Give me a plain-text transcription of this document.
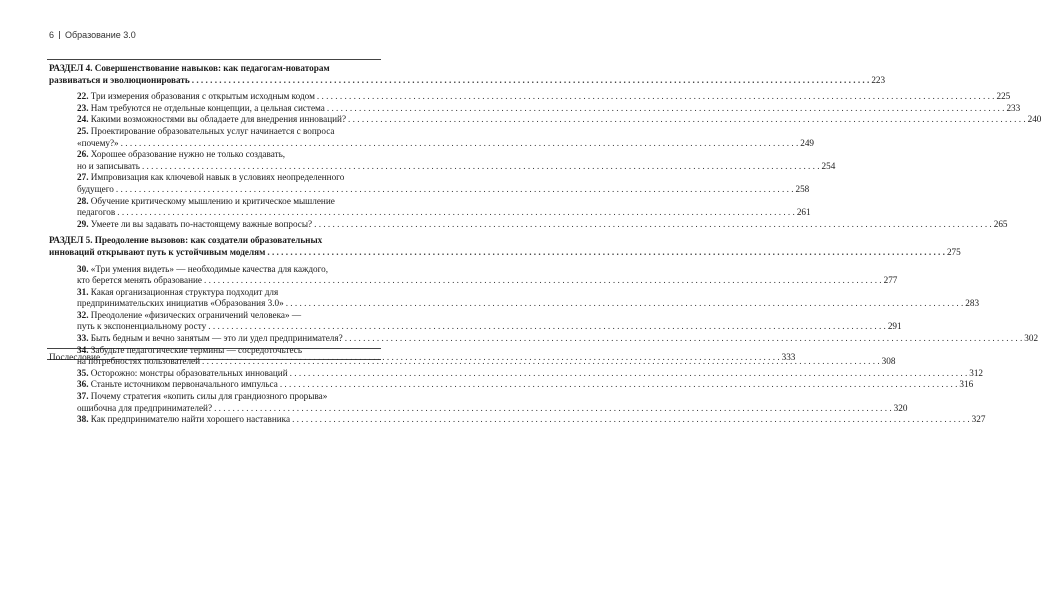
6 Образование 3.0
РАЗДЕЛ 4. Совершенствование навыков: как педагогам-новаторам
развиваться и эволюционировать . . .	223
22. Три измерения образования с открытым исходным кодом . . .	225
23. Нам требуются не отдельные концепции, а цельная система . . .	233
24. Какими возможностями вы обладаете для внедрения инноваций? . . .	240
25. Проектирование образовательных услуг начинается с вопроса
«почему?» . . .	249
26. Хорошее образование нужно не только создавать,
но и записывать . . .	254
27. Импровизация как ключевой навык в условиях неопределенного
будущего . . .	258
28. Обучение критическому мышлению и критическое мышление
педагогов . . .	261
29. Умеете ли вы задавать по-настоящему важные вопросы? . . .	265
РАЗДЕЛ 5. Преодоление вызовов: как создатели образовательных
инноваций открывают путь к устойчивым моделям . . .	275
30. «Три умения видеть» — необходимые качества для каждого,
кто берется менять образование . . .	277
31. Какая организационная структура подходит для
предпринимательских инициатив «Образования 3.0» . . .	283
32. Преодоление «физических ограничений человека» —
путь к экспоненциальному росту . . .	291
33. Быть бедным и вечно занятым — это ли удел предпринимателя? . . .	302
34. Забудьте педагогические термины — сосредоточьтесь
на потребностях пользователей . . .	308
35. Осторожно: монстры образовательных инноваций . . .	312
36. Станьте источником первоначального импульса . . .	316
37. Почему стратегия «копить силы для грандиозного прорыва»
ошибочна для предпринимателей? . . .	320
38. Как предпринимателю найти хорошего наставника . . .	327
Послесловие . . .	333
